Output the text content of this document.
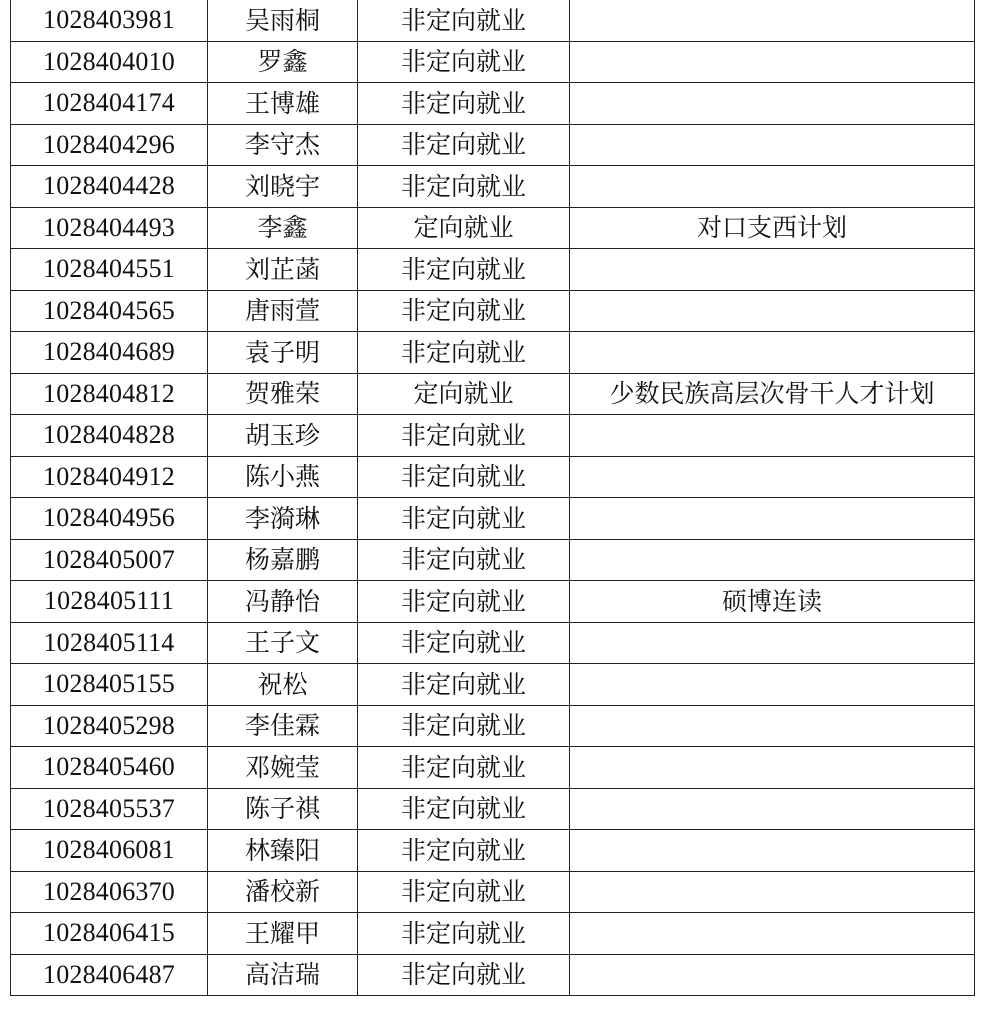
1028403981	吴雨桐	非定向就业	
1028404010	罗鑫	非定向就业	
1028404174	王博雄	非定向就业	
1028404296	李守杰	非定向就业	
1028404428	刘晓宇	非定向就业	
1028404493	李鑫	定向就业	对口支西计划
1028404551	刘芷菡	非定向就业	
1028404565	唐雨萱	非定向就业	
1028404689	袁子明	非定向就业	
1028404812	贺雅荣	定向就业	少数民族高层次骨干人才计划
1028404828	胡玉珍	非定向就业	
1028404912	陈小燕	非定向就业	
1028404956	李漪琳	非定向就业	
1028405007	杨嘉鹏	非定向就业	
1028405111	冯静怡	非定向就业	硕博连读
1028405114	王子文	非定向就业	
1028405155	祝松	非定向就业	
1028405298	李佳霖	非定向就业	
1028405460	邓婉莹	非定向就业	
1028405537	陈子祺	非定向就业	
1028406081	林臻阳	非定向就业	
1028406370	潘校新	非定向就业	
1028406415	王耀甲	非定向就业	
1028406487	高洁瑞	非定向就业	
